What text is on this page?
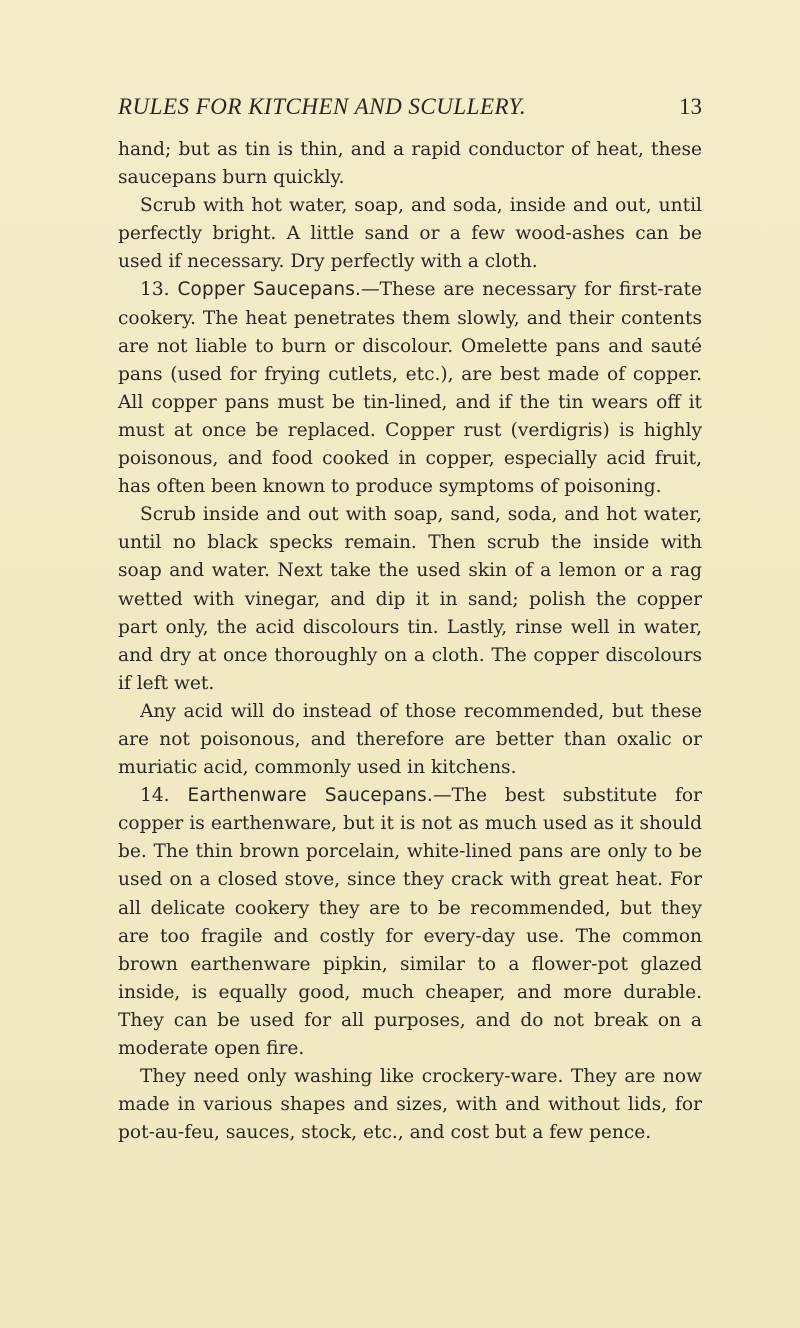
RULES FOR KITCHEN AND SCULLERY.	13

hand; but as tin is thin, and a rapid conductor of heat, these saucepans burn quickly.

Scrub with hot water, soap, and soda, inside and out, until perfectly bright. A little sand or a few wood-ashes can be used if necessary. Dry perfectly with a cloth.

13. Copper Saucepans.—These are necessary for first-rate cookery. The heat penetrates them slowly, and their contents are not liable to burn or discolour. Omelette pans and sauté pans (used for frying cutlets, etc.), are best made of copper. All copper pans must be tin-lined, and if the tin wears off it must at once be replaced. Copper rust (verdigris) is highly poisonous, and food cooked in copper, especially acid fruit, has often been known to produce symptoms of poisoning.

Scrub inside and out with soap, sand, soda, and hot water, until no black specks remain. Then scrub the inside with soap and water. Next take the used skin of a lemon or a rag wetted with vinegar, and dip it in sand; polish the copper part only, the acid discolours tin. Lastly, rinse well in water, and dry at once thoroughly on a cloth. The copper discolours if left wet.

Any acid will do instead of those recommended, but these are not poisonous, and therefore are better than oxalic or muriatic acid, commonly used in kitchens.

14. Earthenware Saucepans.—The best substitute for copper is earthenware, but it is not as much used as it should be. The thin brown porcelain, white-lined pans are only to be used on a closed stove, since they crack with great heat. For all delicate cookery they are to be recommended, but they are too fragile and costly for every-day use. The common brown earthenware pipkin, similar to a flower-pot glazed inside, is equally good, much cheaper, and more durable. They can be used for all purposes, and do not break on a moderate open fire.

They need only washing like crockery-ware. They are now made in various shapes and sizes, with and without lids, for pot-au-feu, sauces, stock, etc., and cost but a few pence.
